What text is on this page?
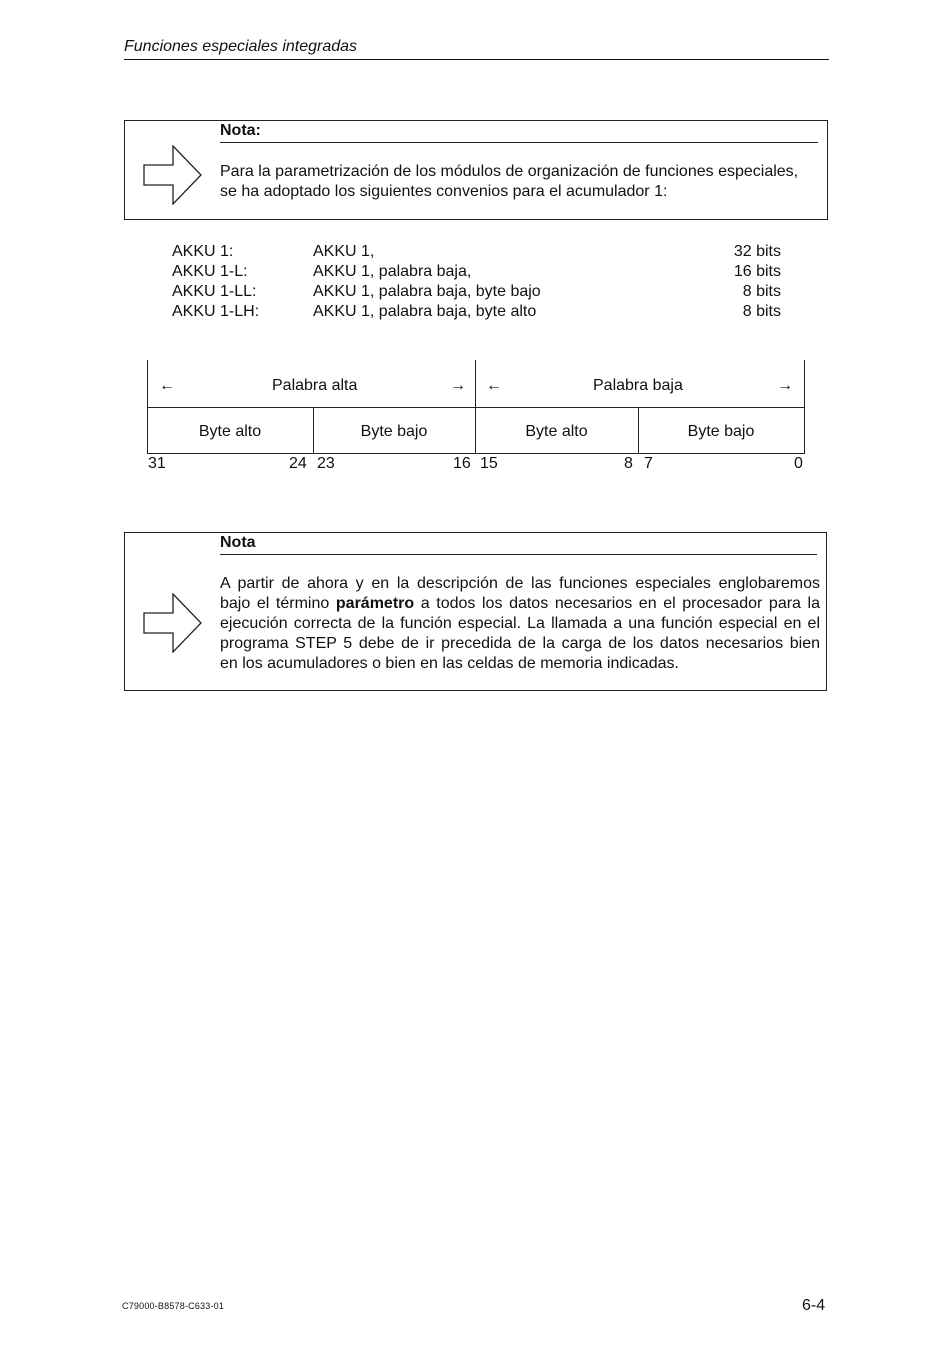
Funciones especiales integradas
Nota:
Para la parametrización de los módulos de organización de funciones especiales,
se ha adoptado los siguientes convenios para el acumulador 1:
AKKU 1:	AKKU 1,	32 bits
AKKU 1-L:	AKKU 1, palabra baja,	16 bits
AKKU 1-LL:	AKKU 1, palabra baja, byte bajo	8 bits
AKKU 1-LH:	AKKU 1, palabra baja, byte alto	8 bits
←	Palabra alta	→ ←	Palabra baja	→
Byte alto	Byte bajo	Byte alto	Byte bajo
31	24 23	16 15	8 7	0
Nota
A partir de ahora y en la descripción de las funciones especiales englobaremos
bajo el término parámetro a todos los datos necesarios en el procesador para la
ejecución correcta de la función especial. La llamada a una función especial en el
programa STEP 5 debe de ir precedida de la carga de los datos necesarios bien
en los acumuladores o bien en las celdas de memoria indicadas.
C79000-B8578-C633-01	6-4
